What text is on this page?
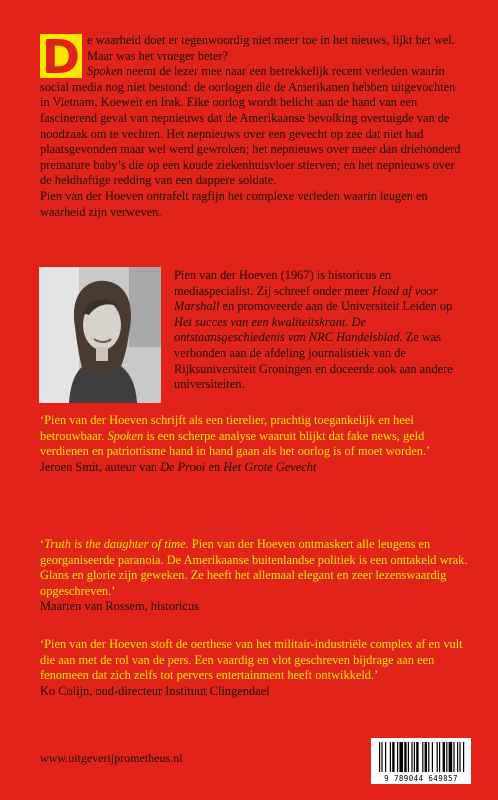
D e waarheid doet er tegenwoordig niet meer toe in het nieuws, lijkt het wel. Maar was het vroeger beter?
Spoken neemt de lezer mee naar een betrekkelijk recent verleden waarin social media nog niet bestond: de oorlogen die de Amerikanen hebben uitgevochten in Vietnam, Koeweit en Irak. Elke oorlog wordt belicht aan de hand van een fascinerend geval van nepnieuws dat de Amerikaanse bevolking overtuigde van de noodzaak om te vechten. Het nepnieuws over een gevecht op zee dat niet had plaatsgevonden maar wel werd gewroken; het nepnieuws over meer dan driehonderd premature baby’s die op een koude ziekenhuisvloer stierven; en het nepnieuws over de heldhaftige redding van een dappere soldate.

Pien van der Hoeven ontrafelt ragfijn het complexe verleden waarin leugen en waarheid zijn verweven.

Pien van der Hoeven (1967) is historicus en mediaspecialist. Zij schreef onder meer Hoed af voor Marshall en promoveerde aan de Universiteit Leiden op Het succes van een kwaliteitskrant. De ontstaansgeschiedenis van NRC Handelsblad. Ze was verbonden aan de afdeling journalistiek van de Rijksuniversiteit Groningen en doceerde ook aan andere universiteiten.

‘Pien van der Hoeven schrijft als een tierelier, prachtig toegankelijk en heel betrouwbaar. Spoken is een scherpe analyse waaruit blijkt dat fake news, geld verdienen en patriottisme hand in hand gaan als het oorlog is of moet worden.’

Jeroen Smit, auteur van De Prooi en Het Grote Gevecht

‘Truth is the daughter of time. Pien van der Hoeven ontmaskert alle leugens en georganiseerde paranoia. De Amerikaanse buitenlandse politiek is een onttakeld wrak. Glans en glorie zijn geweken. Ze heeft het allemaal elegant en zeer lezenswaardig opgeschreven.’

Maarten van Rossem, historicus

‘Pien van der Hoeven stoft de oerthese van het militair-industriële complex af en vult die aan met de rol van de pers. Een vaardig en vlot geschreven bijdrage aan een fenomeen dat zich zelfs tot pervers entertainment heeft ontwikkeld.’

Ko Colijn, oud-directeur Instituut Clingendael

www.uitgeverijprometheus.nl
9 789044 649857
